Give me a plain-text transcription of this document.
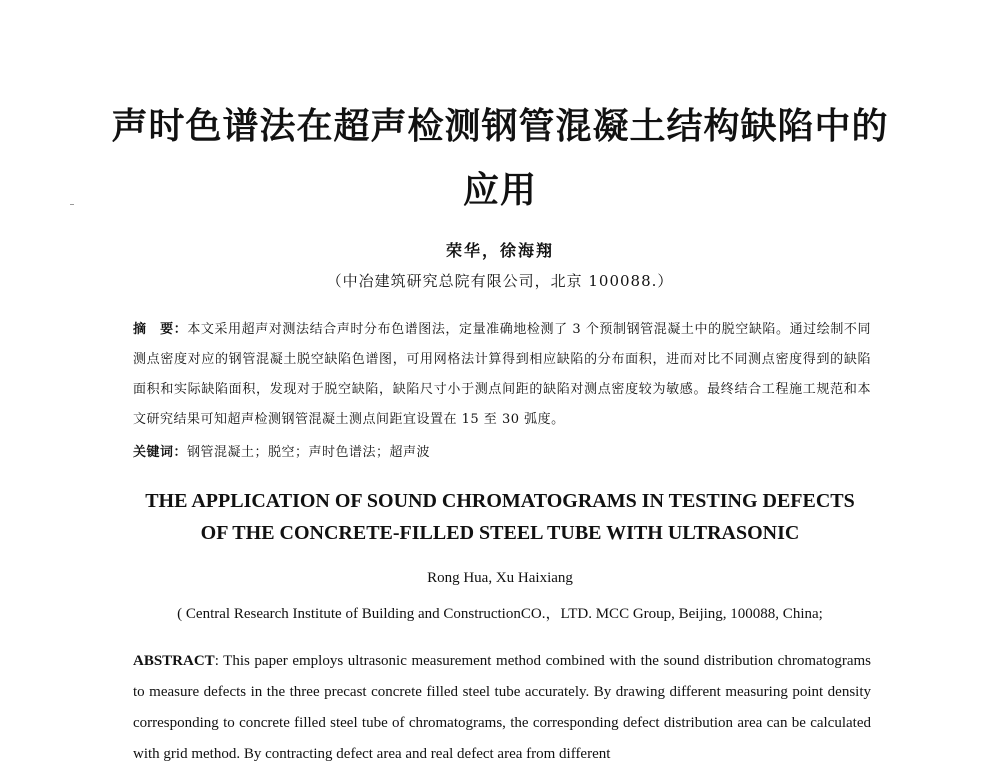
声时色谱法在超声检测钢管混凝土结构缺陷中的
应用
荣华，徐海翔
（中冶建筑研究总院有限公司，北京 100088.）
摘　要：本文采用超声对测法结合声时分布色谱图法，定量准确地检测了 3 个预制钢管混凝土中的脱空缺陷。通过绘制不同测点密度对应的钢管混凝土脱空缺陷色谱图，可用网格法计算得到相应缺陷的分布面积，进而对比不同测点密度得到的缺陷面积和实际缺陷面积，发现对于脱空缺陷，缺陷尺寸小于测点间距的缺陷对测点密度较为敏感。最终结合工程施工规范和本文研究结果可知超声检测钢管混凝土测点间距宜设置在 15 至 30 弧度。
关键词：钢管混凝土；脱空；声时色谱法；超声波
THE APPLICATION OF SOUND CHROMATOGRAMS IN TESTING DEFECTS
OF THE CONCRETE-FILLED STEEL TUBE WITH ULTRASONIC
Rong Hua, Xu Haixiang
( Central Research Institute of Building and ConstructionCO.，LTD. MCC Group, Beijing, 100088, China;
ABSTRACT: This paper employs ultrasonic measurement method combined with the sound distribution chromatograms to measure defects in the three precast concrete filled steel tube accurately. By drawing different measuring point density corresponding to concrete filled steel tube of chromatograms, the corresponding defect distribution area can be calculated with grid method. By contracting defect area and real defect area from different
